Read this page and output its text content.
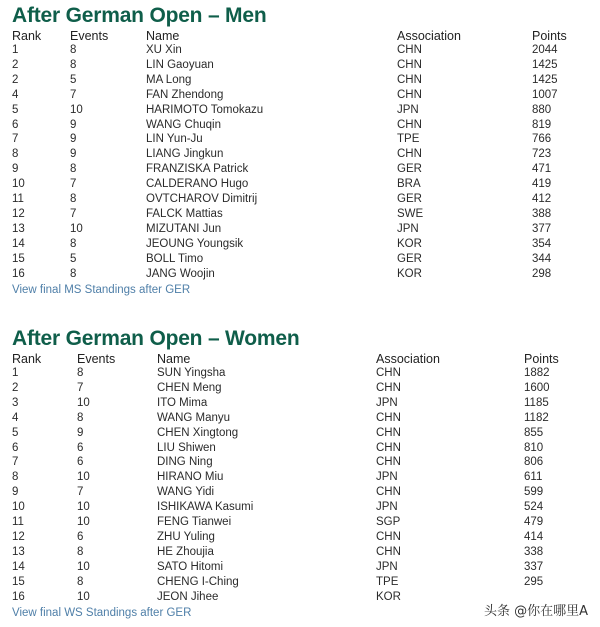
After German Open – Men
Rank	Events	Name	Association	Points
1	8	XU Xin	CHN	2044
2	8	LIN Gaoyuan	CHN	1425
2	5	MA Long	CHN	1425
4	7	FAN Zhendong	CHN	1007
5	10	HARIMOTO Tomokazu	JPN	880
6	9	WANG Chuqin	CHN	819
7	9	LIN Yun-Ju	TPE	766
8	9	LIANG Jingkun	CHN	723
9	8	FRANZISKA Patrick	GER	471
10	7	CALDERANO Hugo	BRA	419
11	8	OVTCHAROV Dimitrij	GER	412
12	7	FALCK Mattias	SWE	388
13	10	MIZUTANI Jun	JPN	377
14	8	JEOUNG Youngsik	KOR	354
15	5	BOLL Timo	GER	344
16	8	JANG Woojin	KOR	298
View final MS Standings after GER
After German Open – Women
Rank	Events	Name	Association	Points
1	8	SUN Yingsha	CHN	1882
2	7	CHEN Meng	CHN	1600
3	10	ITO Mima	JPN	1185
4	8	WANG Manyu	CHN	1182
5	9	CHEN Xingtong	CHN	855
6	6	LIU Shiwen	CHN	810
7	6	DING Ning	CHN	806
8	10	HIRANO Miu	JPN	611
9	7	WANG Yidi	CHN	599
10	10	ISHIKAWA Kasumi	JPN	524
11	10	FENG Tianwei	SGP	479
12	6	ZHU Yuling	CHN	414
13	8	HE Zhoujia	CHN	338
14	10	SATO Hitomi	JPN	337
15	8	CHENG I-Ching	TPE	295
16	10	JEON Jihee	KOR	
View final WS Standings after GER	头条 @你在哪里A
